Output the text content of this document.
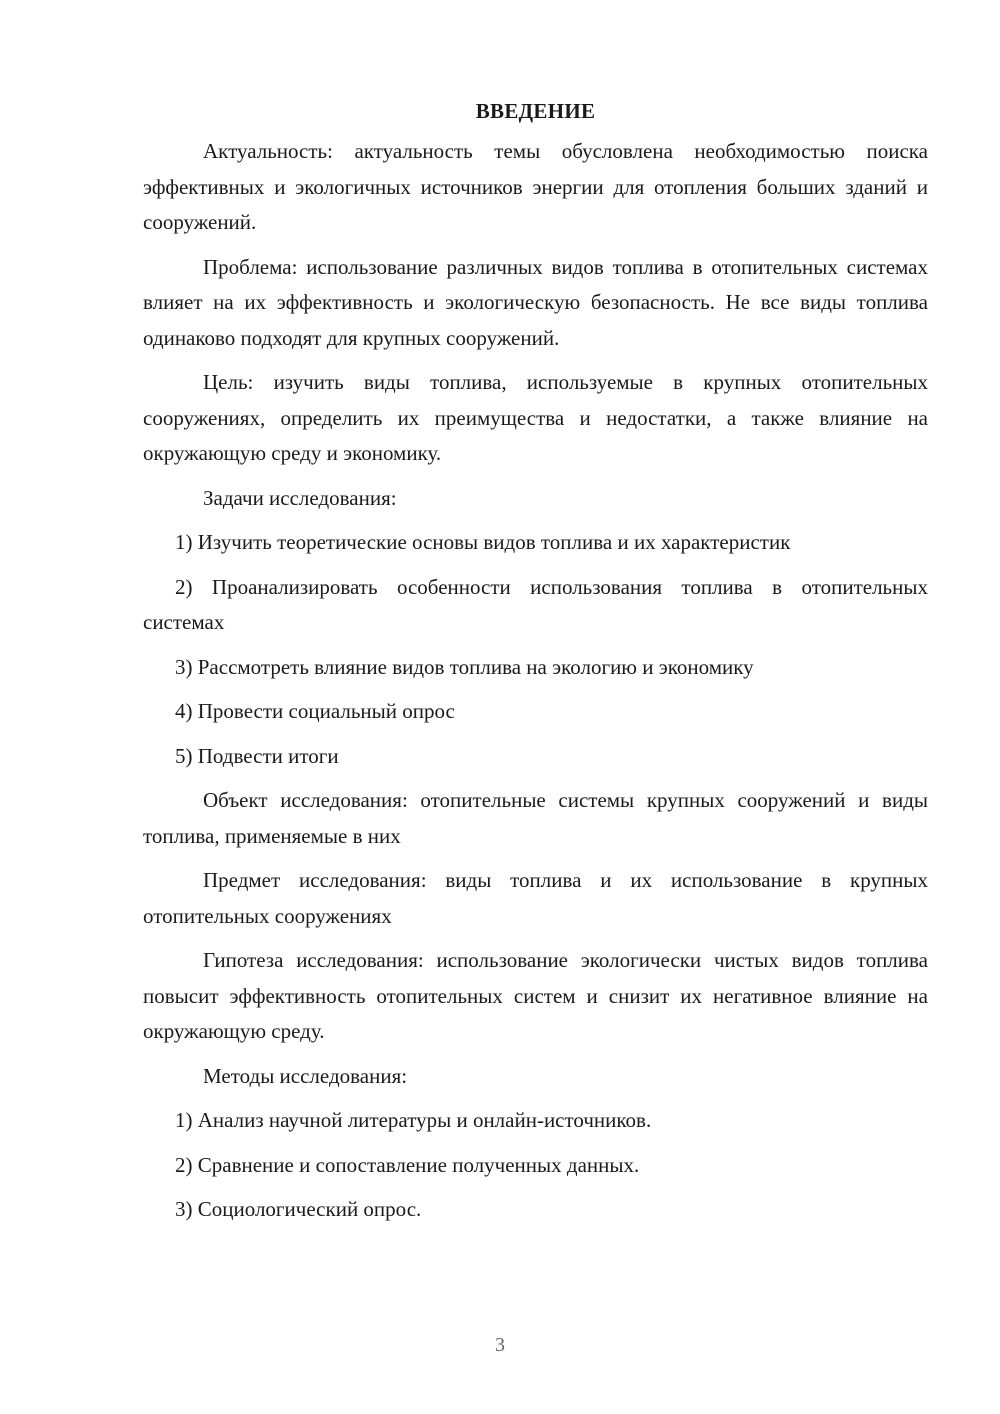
ВВЕДЕНИЕ

Актуальность: актуальность темы обусловлена необходимостью поиска эффективных и экологичных источников энергии для отопления больших зданий и сооружений.

Проблема: использование различных видов топлива в отопительных системах влияет на их эффективность и экологическую безопасность. Не все виды топлива одинаково подходят для крупных сооружений.

Цель: изучить виды топлива, используемые в крупных отопительных сооружениях, определить их преимущества и недостатки, а также влияние на окружающую среду и экономику.

Задачи исследования:

1) Изучить теоретические основы видов топлива и их характеристик

2) Проанализировать особенности использования топлива в отопительных системах

3) Рассмотреть влияние видов топлива на экологию и экономику

4) Провести социальный опрос

5) Подвести итоги

Объект исследования: отопительные системы крупных сооружений и виды топлива, применяемые в них

Предмет исследования: виды топлива и их использование в крупных отопительных сооружениях

Гипотеза исследования: использование экологически чистых видов топлива повысит эффективность отопительных систем и снизит их негативное влияние на окружающую среду.

Методы исследования:

1) Анализ научной литературы и онлайн-источников.

2) Сравнение и сопоставление полученных данных.

3) Социологический опрос.

3
